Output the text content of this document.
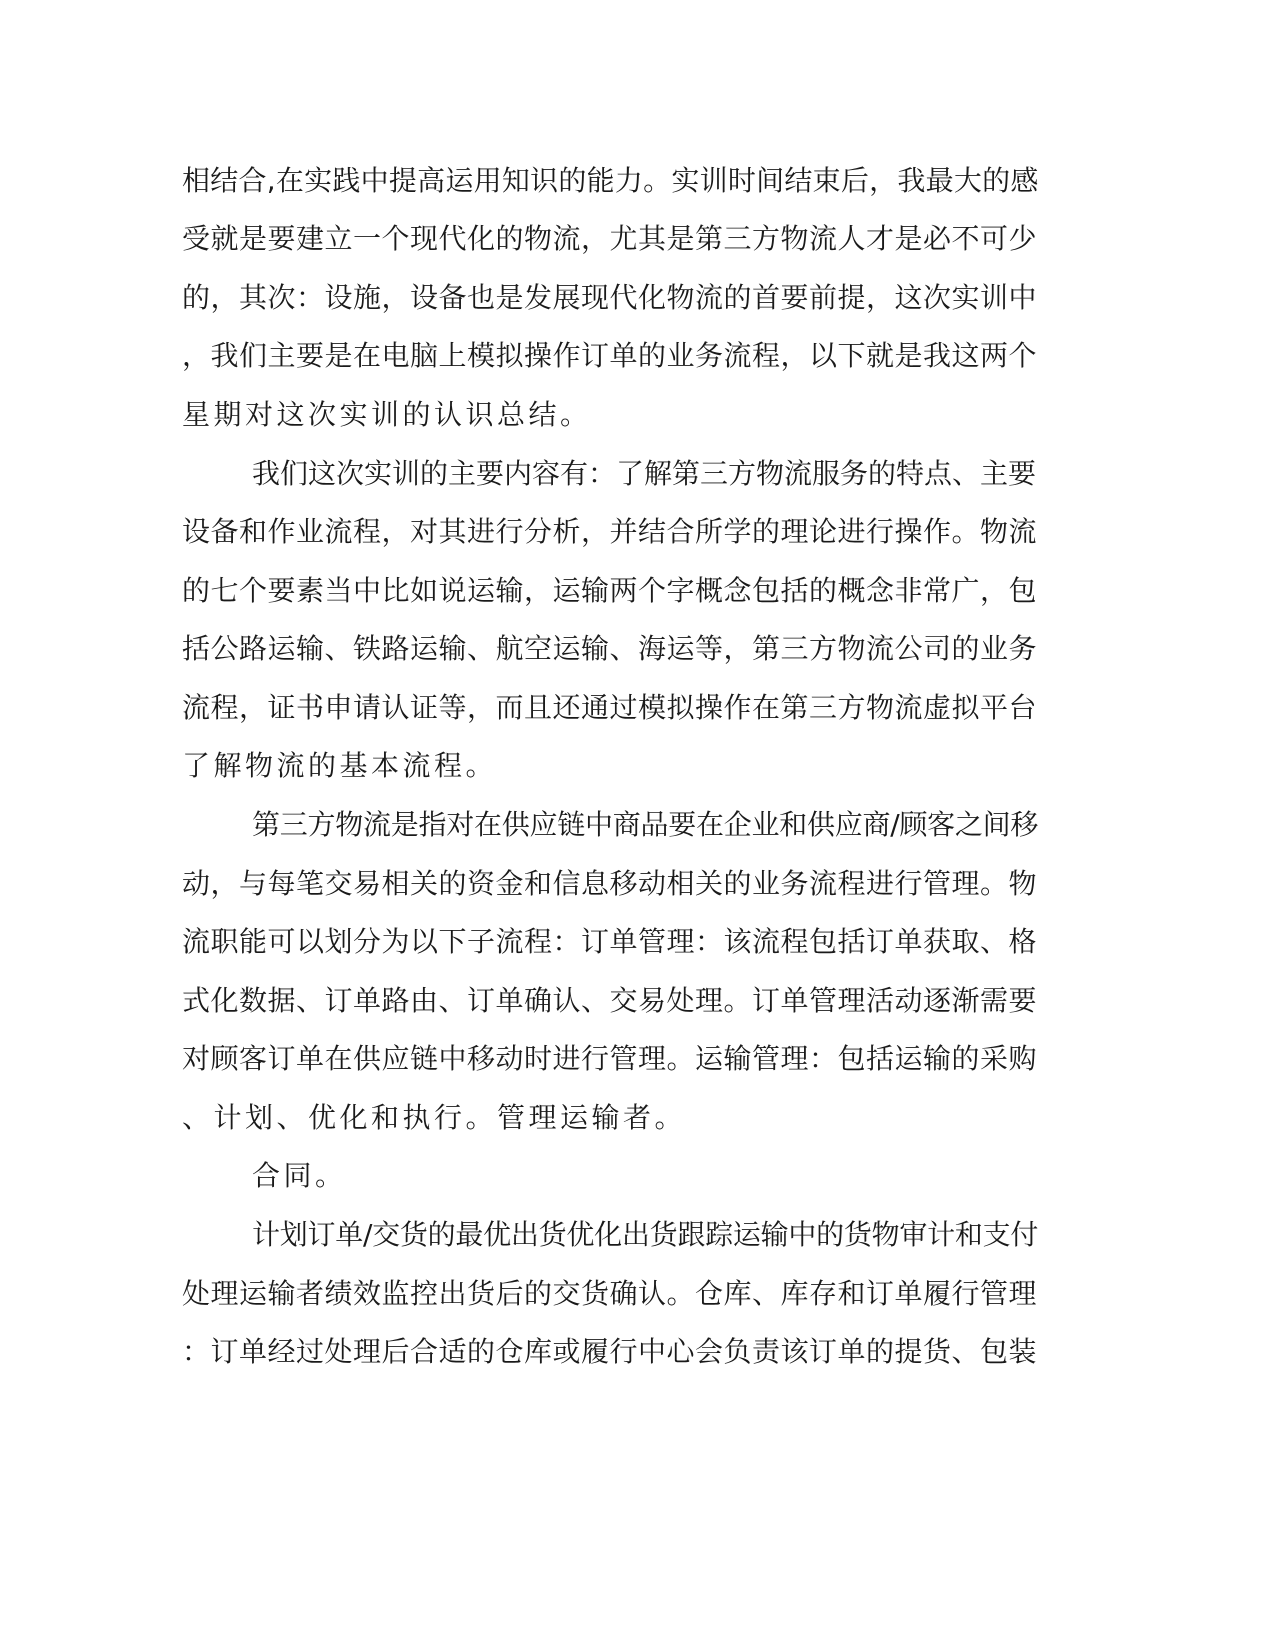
相结合,在实践中提高运用知识的能力。实训时间结束后，我最大的感
受就是要建立一个现代化的物流，尤其是第三方物流人才是必不可少
的，其次：设施，设备也是发展现代化物流的首要前提，这次实训中
，我们主要是在电脑上模拟操作订单的业务流程，以下就是我这两个
星期对这次实训的认识总结。
我们这次实训的主要内容有：了解第三方物流服务的特点、主要
设备和作业流程，对其进行分析，并结合所学的理论进行操作。物流
的七个要素当中比如说运输，运输两个字概念包括的概念非常广，包
括公路运输、铁路运输、航空运输、海运等，第三方物流公司的业务
流程，证书申请认证等，而且还通过模拟操作在第三方物流虚拟平台
了解物流的基本流程。
第三方物流是指对在供应链中商品要在企业和供应商/顾客之间移
动，与每笔交易相关的资金和信息移动相关的业务流程进行管理。物
流职能可以划分为以下子流程：订单管理：该流程包括订单获取、格
式化数据、订单路由、订单确认、交易处理。订单管理活动逐渐需要
对顾客订单在供应链中移动时进行管理。运输管理：包括运输的采购
、计划、优化和执行。管理运输者。
合同。
计划订单/交货的最优出货优化出货跟踪运输中的货物审计和支付
处理运输者绩效监控出货后的交货确认。仓库、库存和订单履行管理
：订单经过处理后合适的仓库或履行中心会负责该订单的提货、包装
